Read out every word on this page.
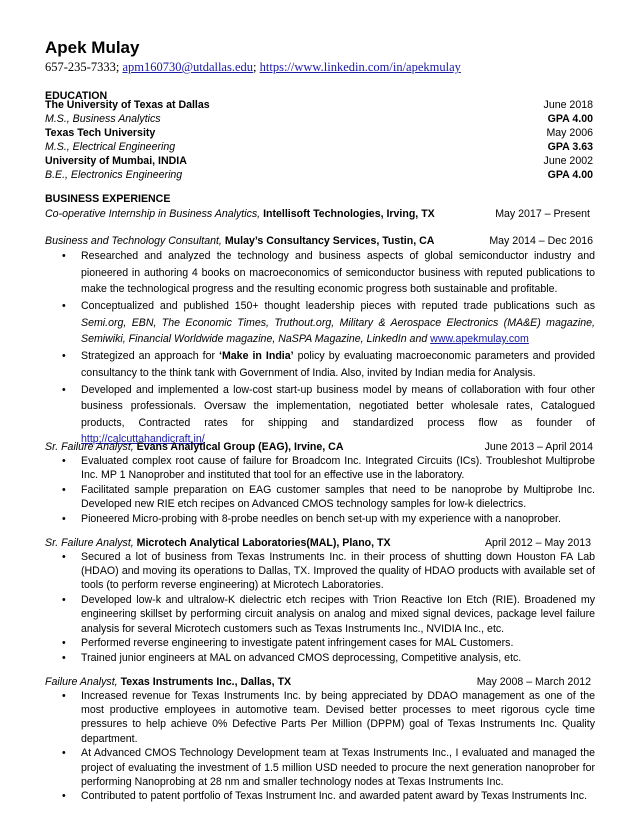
Apek Mulay
657-235-7333; apm160730@utdallas.edu; https://www.linkedin.com/in/apekmulay
EDUCATION
The University of Texas at Dallas	June 2018
M.S., Business Analytics	GPA 4.00
Texas Tech University	May 2006
M.S., Electrical Engineering	GPA 3.63
University of Mumbai, INDIA	June 2002
B.E., Electronics Engineering	GPA 4.00
BUSINESS EXPERIENCE
Co-operative Internship in Business Analytics, Intellisoft Technologies, Irving, TX	May 2017 – Present
Business and Technology Consultant, Mulay’s Consultancy Services, Tustin, CA	May 2014 – Dec 2016
• Researched and analyzed the technology and business aspects of global semiconductor industry and pioneered in authoring 4 books on macroeconomics of semiconductor business with reputed publications to make the technological progress and the resulting economic progress both sustainable and profitable.
• Conceptualized and published 150+ thought leadership pieces with reputed trade publications such as Semi.org, EBN, The Economic Times, Truthout.org, Military & Aerospace Electronics (MA&E) magazine, Semiwiki, Financial Worldwide magazine, NaSPA Magazine, LinkedIn and www.apekmulay.com
• Strategized an approach for ‘Make in India’ policy by evaluating macroeconomic parameters and provided consultancy to the think tank with Government of India. Also, invited by Indian media for Analysis.
• Developed and implemented a low-cost start-up business model by means of collaboration with four other business professionals. Oversaw the implementation, negotiated better wholesale rates, Catalogued products, Contracted rates for shipping and standardized process flow as founder of http://calcuttahandicraft.in/
Sr. Failure Analyst, Evans Analytical Group (EAG), Irvine, CA	June 2013 – April 2014
• Evaluated complex root cause of failure for Broadcom Inc. Integrated Circuits (ICs). Troubleshot Multiprobe Inc. MP 1 Nanoprober and instituted that tool for an effective use in the laboratory.
• Facilitated sample preparation on EAG customer samples that need to be nanoprobe by Multiprobe Inc. Developed new RIE etch recipes on Advanced CMOS technology samples for low-k dielectrics.
• Pioneered Micro-probing with 8-probe needles on bench set-up with my experience with a nanoprober.
Sr. Failure Analyst, Microtech Analytical Laboratories(MAL), Plano, TX	April 2012 – May 2013
• Secured a lot of business from Texas Instruments Inc. in their process of shutting down Houston FA Lab (HDAO) and moving its operations to Dallas, TX. Improved the quality of HDAO products with available set of tools (to perform reverse engineering) at Microtech Laboratories.
• Developed low-k and ultralow-K dielectric etch recipes with Trion Reactive Ion Etch (RIE). Broadened my engineering skillset by performing circuit analysis on analog and mixed signal devices, package level failure analysis for several Microtech customers such as Texas Instruments Inc., NVIDIA Inc., etc.
• Performed reverse engineering to investigate patent infringement cases for MAL Customers.
• Trained junior engineers at MAL on advanced CMOS deprocessing, Competitive analysis, etc.
Failure Analyst, Texas Instruments Inc., Dallas, TX	May 2008 – March 2012
• Increased revenue for Texas Instruments Inc. by being appreciated by DDAO management as one of the most productive employees in automotive team. Devised better processes to meet rigorous cycle time pressures to help achieve 0% Defective Parts Per Million (DPPM) goal of Texas Instruments Inc. Quality department.
• At Advanced CMOS Technology Development team at Texas Instruments Inc., I evaluated and managed the project of evaluating the investment of 1.5 million USD needed to procure the next generation nanoprober for performing Nanoprobing at 28 nm and smaller technology nodes at Texas Instruments Inc.
• Contributed to patent portfolio of Texas Instrument Inc. and awarded patent award by Texas Instruments Inc.
